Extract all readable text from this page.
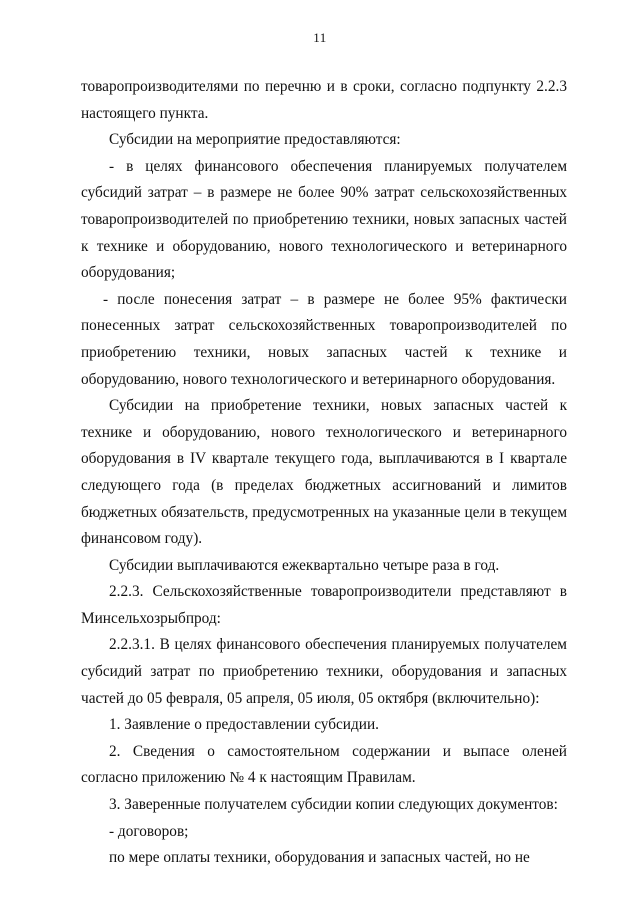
11

товаропроизводителями по перечню и в сроки, согласно подпункту 2.2.3 настоящего пункта.

Субсидии на мероприятие предоставляются:

- в целях финансового обеспечения планируемых получателем субсидий затрат – в размере не более 90% затрат сельскохозяйственных товаропроизводителей по приобретению техники, новых запасных частей к технике и оборудованию, нового технологического и ветеринарного оборудования;

- после понесения затрат – в размере не более 95% фактически понесенных затрат сельскохозяйственных товаропроизводителей по приобретению техники, новых запасных частей к технике и оборудованию, нового технологического и ветеринарного оборудования.

Субсидии на приобретение техники, новых запасных частей к технике и оборудованию, нового технологического и ветеринарного оборудования в IV квартале текущего года, выплачиваются в I квартале следующего года (в пределах бюджетных ассигнований и лимитов бюджетных обязательств, предусмотренных на указанные цели в текущем финансовом году).

Субсидии выплачиваются ежеквартально четыре раза в год.

2.2.3. Сельскохозяйственные товаропроизводители представляют в Минсельхозрыбпрод:

2.2.3.1. В целях финансового обеспечения планируемых получателем субсидий затрат по приобретению техники, оборудования и запасных частей до 05 февраля, 05 апреля, 05 июля, 05 октября (включительно):

1. Заявление о предоставлении субсидии.

2. Сведения о самостоятельном содержании и выпасе оленей согласно приложению № 4 к настоящим Правилам.

3. Заверенные получателем субсидии копии следующих документов:

- договоров;

по мере оплаты техники, оборудования и запасных частей, но не
